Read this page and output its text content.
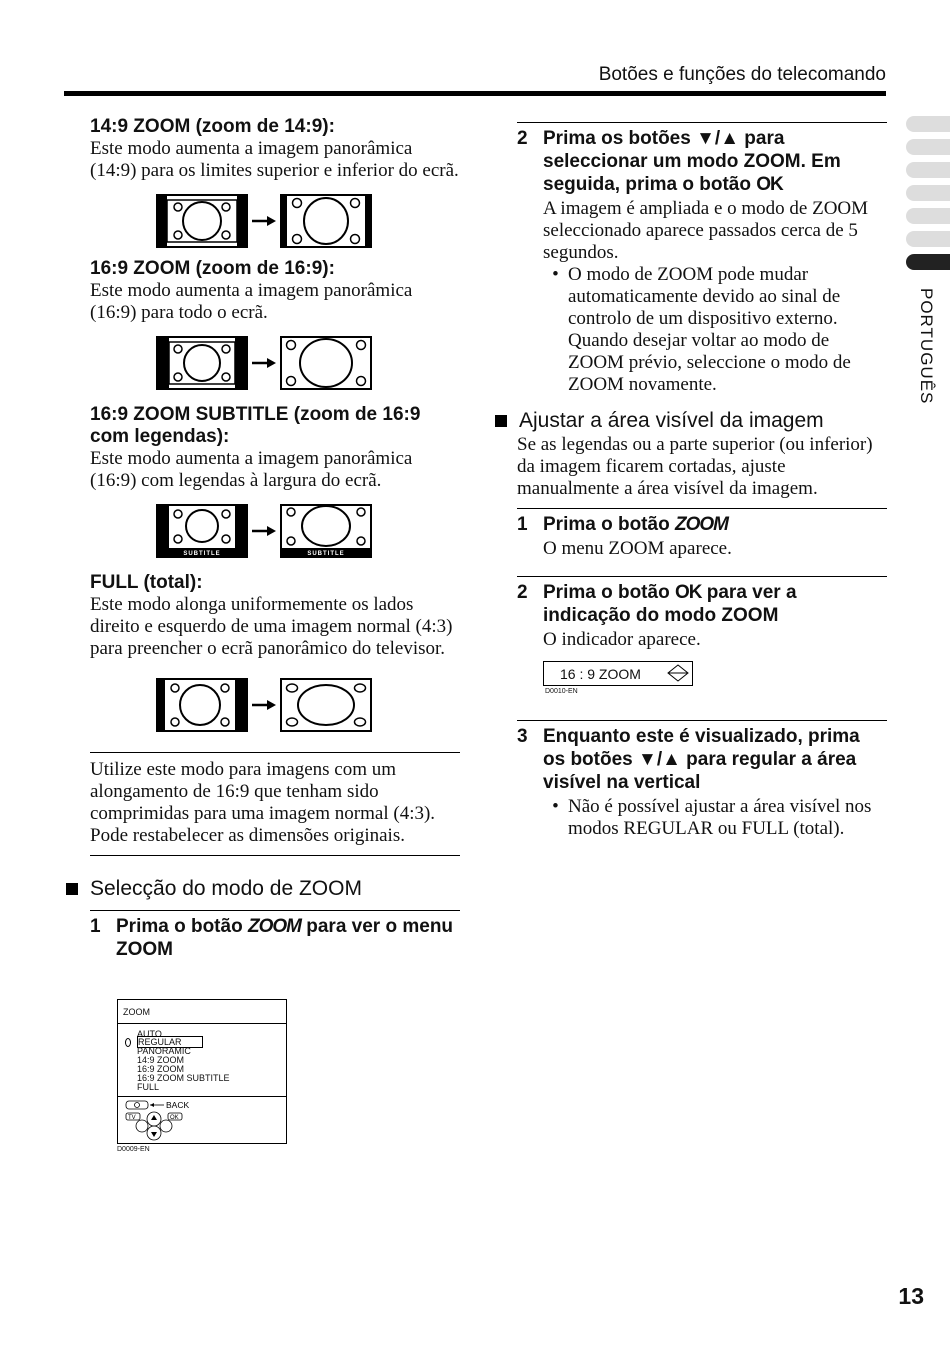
Botões e funções do telecomando
PORTUGUÊS
14:9 ZOOM (zoom de 14:9):

Este modo aumenta a imagem panorâmica (14:9) para os limites superior e inferior do ecrã.

16:9 ZOOM (zoom de 16:9):

Este modo aumenta a imagem panorâmica (16:9) para todo o ecrã.

16:9 ZOOM SUBTITLE (zoom de 16:9 com legendas):

Este modo aumenta a imagem panorâmica (16:9) com legendas à largura do ecrã.

SUBTITLE	SUBTITLE
FULL (total):

Este modo alonga uniformemente os lados direito e esquerdo de uma imagem normal (4:3) para preencher o ecrã panorâmico do televisor.

Utilize este modo para imagens com um alongamento de 16:9 que tenham sido comprimidas para uma imagem normal (4:3). Pode restabelecer as dimensões originais.

Selecção do modo de ZOOM
1 Prima o botão ZOOM para ver o menu ZOOM
ZOOM
AUTO
REGULAR
PANORAMIC
14:9 ZOOM
16:9 ZOOM
16:9 ZOOM SUBTITLE
FULL
BACK
TV	OK
D0009-EN
2 Prima os botões ▼/▲ para seleccionar um modo ZOOM. Em seguida, prima o botão OK

A imagem é ampliada e o modo de ZOOM seleccionado aparece passados cerca de 5 segundos.

• O modo de ZOOM pode mudar automaticamente devido ao sinal de controlo de um dispositivo externo. Quando desejar voltar ao modo de ZOOM prévio, seleccione o modo de ZOOM novamente.
Ajustar a área visível da imagem

Se as legendas ou a parte superior (ou inferior) da imagem ficarem cortadas, ajuste manualmente a área visível da imagem.

1 Prima o botão ZOOM

O menu ZOOM aparece.

2 Prima o botão OK para ver a indicação do modo ZOOM

O indicador aparece.

16 : 9 ZOOM
D0010-EN
3 Enquanto este é visualizado, prima os botões ▼/▲ para regular a área visível na vertical
• Não é possível ajustar a área visível nos modos REGULAR ou FULL (total).
13
